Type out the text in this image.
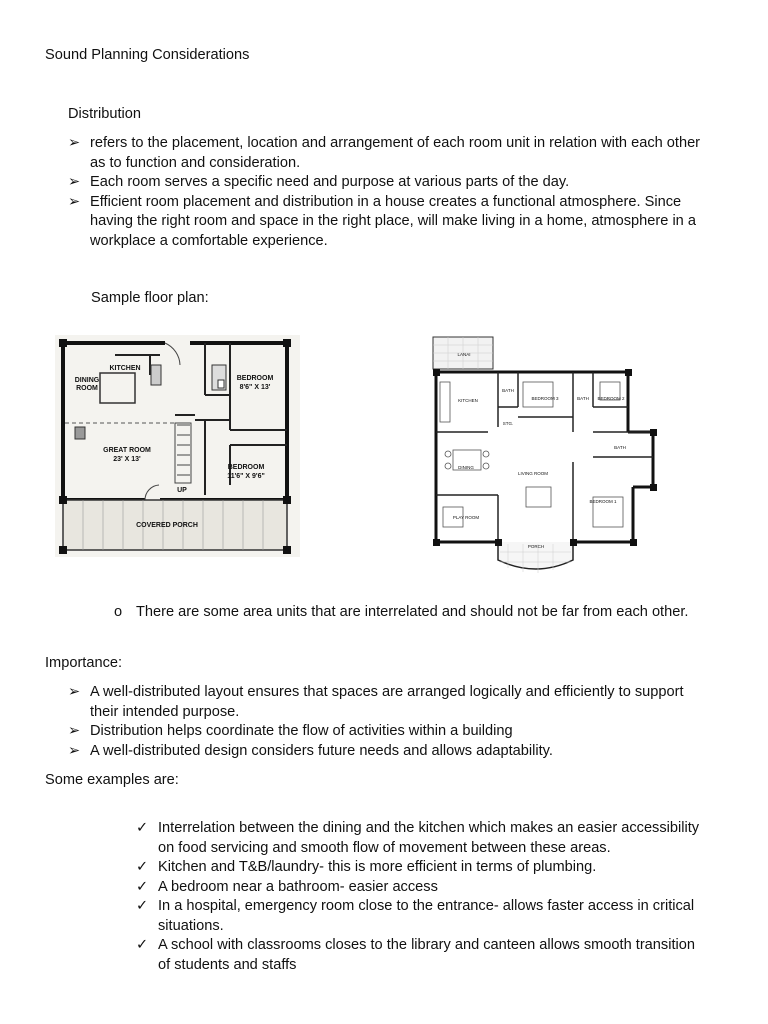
Sound Planning Considerations
Distribution
➢ refers to the placement, location and arrangement of each room unit in relation with each other
as to function and consideration.
➢ Each room serves a specific need and purpose at various parts of the day.
➢ Efficient room placement and distribution in a house creates a functional atmosphere. Since
having the right room and space in the right place, will make living in a home, atmosphere in a
workplace a comfortable experience.
Sample floor plan:
KITCHEN
DINING
ROOM
BEDROOM
8'6" X 13'
GREAT ROOM
23' X 13'
BEDROOM
11'6" X 9'6"
UP
COVERED PORCH
LANAI
KITCHEN
BATH
BEDROOM 3	BATH BEDROOM 2
STG.
BATH
DINING
LIVING ROOM
BEDROOM 1
PLAY ROOM
PORCH
o There are some area units that are interrelated and should not be far from each other.
Importance:
➢ A well-distributed layout ensures that spaces are arranged logically and efficiently to support
their intended purpose.
➢ Distribution helps coordinate the flow of activities within a building
➢ A well-distributed design considers future needs and allows adaptability.
Some examples are:
✓ Interrelation between the dining and the kitchen which makes an easier accessibility
on food servicing and smooth flow of movement between these areas.
✓ Kitchen and T&B/laundry- this is more efficient in terms of plumbing.
✓ A bedroom near a bathroom- easier access
✓ In a hospital, emergency room close to the entrance- allows faster access in critical
situations.
✓ A school with classrooms closes to the library and canteen allows smooth transition
of students and staffs
